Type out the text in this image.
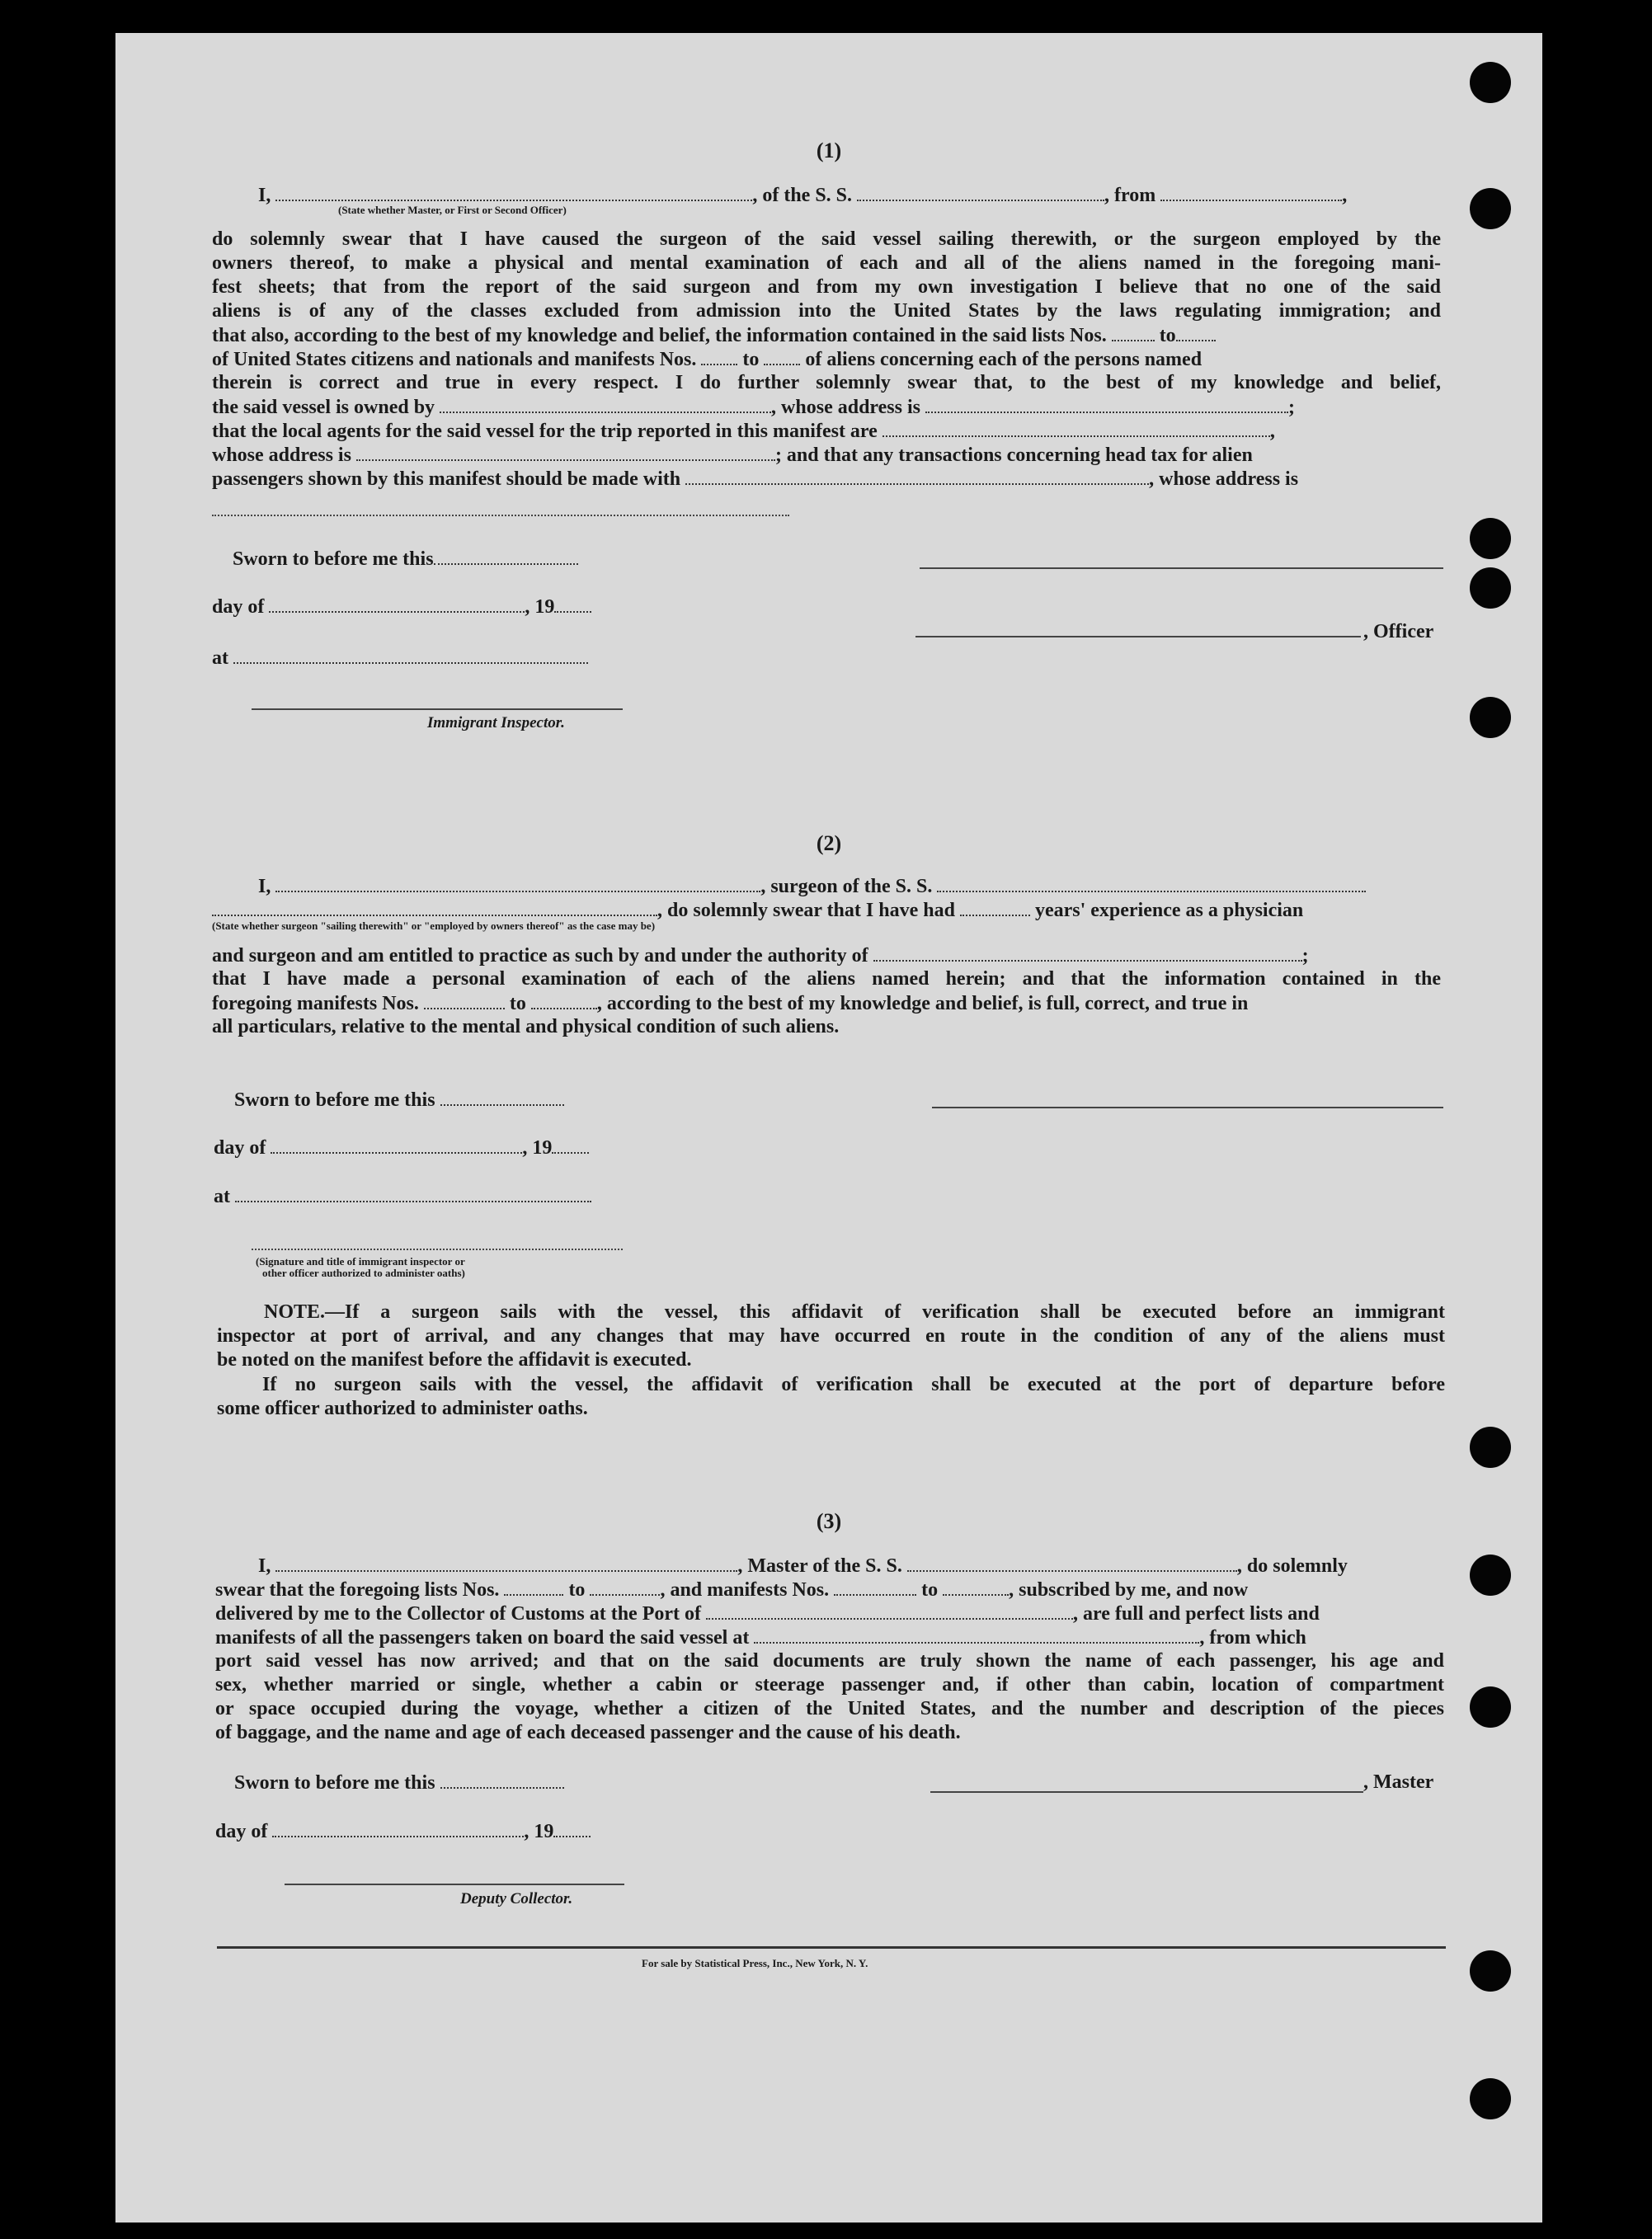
(1)
I,	, of the S. S.	, from	,
(State whether Master, or First or Second Officer)
do solemnly swear that I have caused the surgeon of the said vessel sailing therewith, or the surgeon employed by the
owners thereof, to make a physical and mental examination of each and all of the aliens named in the foregoing mani-
fest sheets; that from the report of the said surgeon and from my own investigation I believe that no one of the said
aliens is of any of the classes excluded from admission into the United States by the laws regulating immigration; and
that also, according to the best of my knowledge and belief, the information contained in the said lists Nos.	to
of United States citizens and nationals and manifests Nos. to of aliens concerning each of the persons named
therein is correct and true in every respect. I do further solemnly swear that, to the best of my knowledge and belief,
the said vessel is owned by	, whose address is	;
that the local agents for the said vessel for the trip reported in this manifest are	,
whose address is	; and that any transactions concerning head tax for alien
passengers shown by this manifest should be made with	, whose address is
Sworn to before me this
day of	, 19
, Officer
at
Immigrant Inspector.
(2)
I,	, surgeon of the S. S.
, do solemnly swear that I have had	years' experience as a physician
(State whether surgeon "sailing therewith" or "employed by owners thereof" as the case may be)
and surgeon and am entitled to practice as such by and under the authority of	;
that I have made a personal examination of each of the aliens named herein; and that the information contained in the
foregoing manifests Nos.	to	, according to the best of my knowledge and belief, is full, correct, and true in
all particulars, relative to the mental and physical condition of such aliens.
Sworn to before me this
day of	, 19
at
(Signature and title of immigrant inspector or
other officer authorized to administer oaths)
NOTE.—If a surgeon sails with the vessel, this affidavit of verification shall be executed before an immigrant
inspector at port of arrival, and any changes that may have occurred en route in the condition of any of the aliens must
be noted on the manifest before the affidavit is executed.
If no surgeon sails with the vessel, the affidavit of verification shall be executed at the port of departure before
some officer authorized to administer oaths.
(3)
I,	, Master of the S. S.	, do solemnly
swear that the foregoing lists Nos.	to	, and manifests Nos.	to	, subscribed by me, and now
delivered by me to the Collector of Customs at the Port of	, are full and perfect lists and
manifests of all the passengers taken on board the said vessel at	, from which
port said vessel has now arrived; and that on the said documents are truly shown the name of each passenger, his age and
sex, whether married or single, whether a cabin or steerage passenger and, if other than cabin, location of compartment
or space occupied during the voyage, whether a citizen of the United States, and the number and description of the pieces
of baggage, and the name and age of each deceased passenger and the cause of his death.
Sworn to before me this	, Master
day of	, 19
Deputy Collector.
For sale by Statistical Press, Inc., New York, N. Y.
